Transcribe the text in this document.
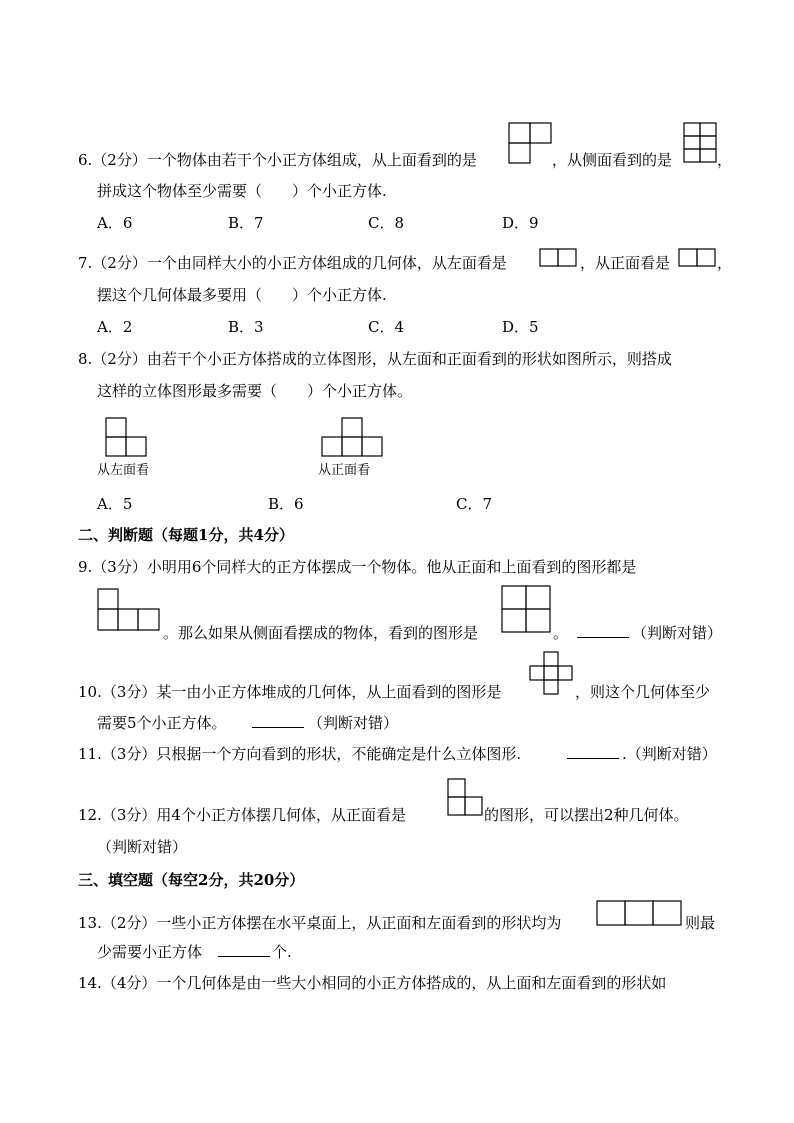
6.（2分）一个物体由若干个小正方体组成，从上面看到的是	，从侧面看到的是	，
拼成这个物体至少需要（　　）个小正方体.
A．6	B．7	C．8	D．9
7.（2分）一个由同样大小的小正方体组成的几何体，从左面看是	，从正面看是	，
摆这个几何体最多要用（　　）个小正方体.
A．2	B．3	C．4	D．5
8.（2分）由若干个小正方体搭成的立体图形，从左面和正面看到的形状如图所示，则搭成
这样的立体图形最多需要（　　）个小正方体。
从左面看	从正面看
A．5	B．6	C．7
二、判断题（每题1分，共4分）
9.（3分）小明用6个同样大的正方体摆成一个物体。他从正面和上面看到的图形都是
。那么如果从侧面看摆成的物体，看到的图形是	。	（判断对错）
10.（3分）某一由小正方体堆成的几何体，从上面看到的图形是	，则这个几何体至少
需要5个小正方体。	（判断对错）
11.（3分）只根据一个方向看到的形状，不能确定是什么立体图形.	.（判断对错）
12.（3分）用4个小正方体摆几何体，从正面看是	的图形，可以摆出2种几何体。
（判断对错）
三、填空题（每空2分，共20分）
13.（2分）一些小正方体摆在水平桌面上，从正面和左面看到的形状均为	则最
少需要小正方体	个.
14.（4分）一个几何体是由一些大小相同的小正方体搭成的，从上面和左面看到的形状如
